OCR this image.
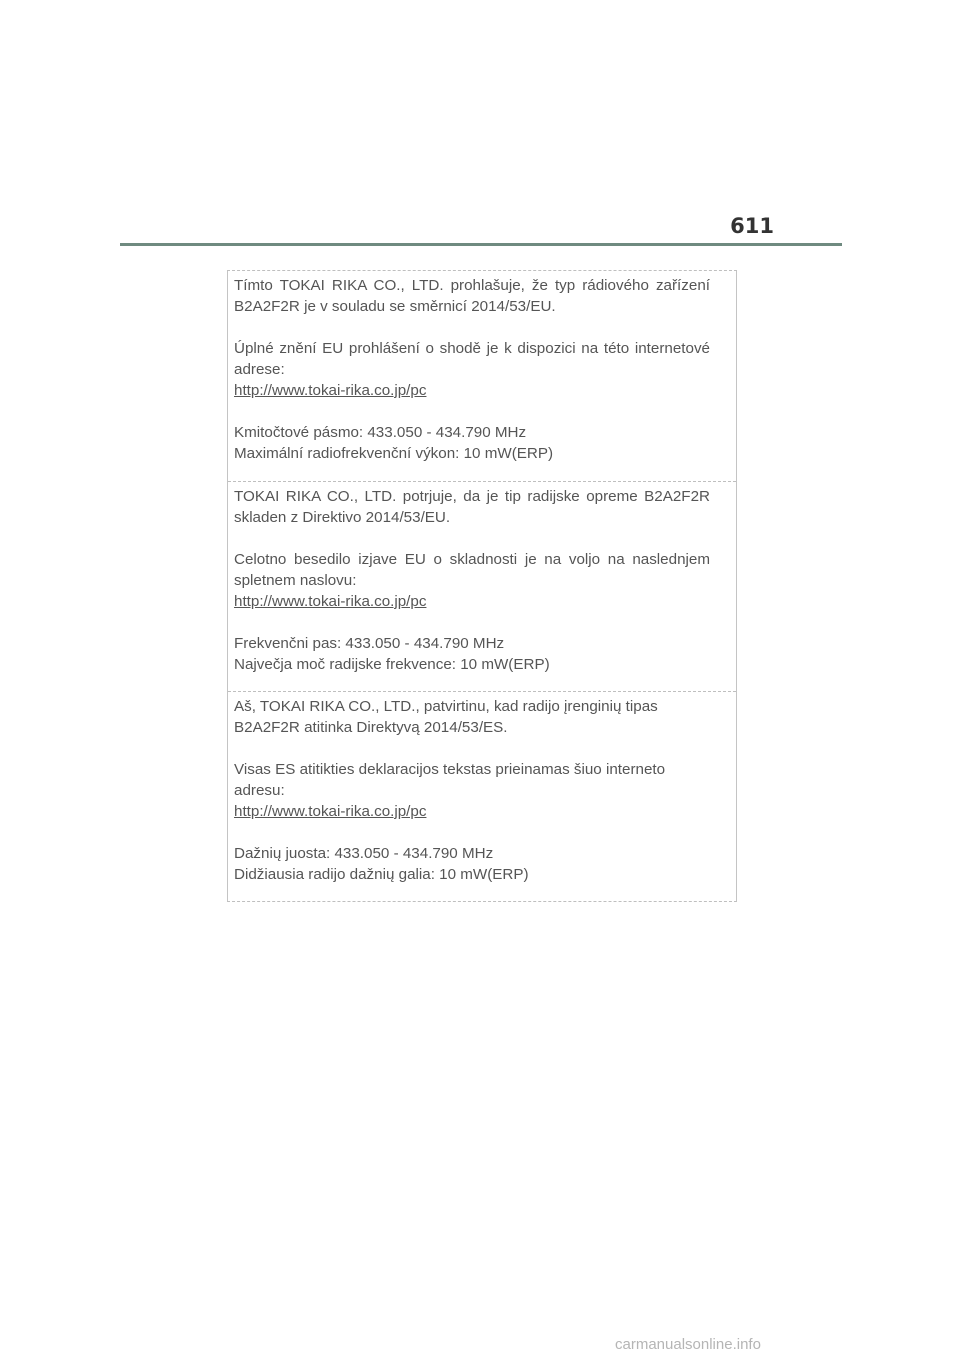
611

Tímto TOKAI RIKA CO., LTD. prohlašuje, že typ rádiového zařízení B2A2F2R je v souladu se směrnicí 2014/53/EU.

Úplné znění EU prohlášení o shodě je k dispozici na této internetové adrese:

http://www.tokai-rika.co.jp/pc

Kmitočtové pásmo: 433.050 - 434.790 MHz

Maximální radiofrekvenční výkon: 10 mW(ERP)

TOKAI RIKA CO., LTD. potrjuje, da je tip radijske opreme B2A2F2R skladen z Direktivo 2014/53/EU.

Celotno besedilo izjave EU o skladnosti je na voljo na naslednjem spletnem naslovu:

http://www.tokai-rika.co.jp/pc

Frekvenčni pas: 433.050 - 434.790 MHz

Največja moč radijske frekvence: 10 mW(ERP)

Aš, TOKAI RIKA CO., LTD., patvirtinu, kad radijo įrenginių tipas B2A2F2R atitinka Direktyvą 2014/53/ES.

Visas ES atitikties deklaracijos tekstas prieinamas šiuo interneto adresu:

http://www.tokai-rika.co.jp/pc

Dažnių juosta: 433.050 - 434.790 MHz

Didžiausia radijo dažnių galia: 10 mW(ERP)

carmanualsonline.info
